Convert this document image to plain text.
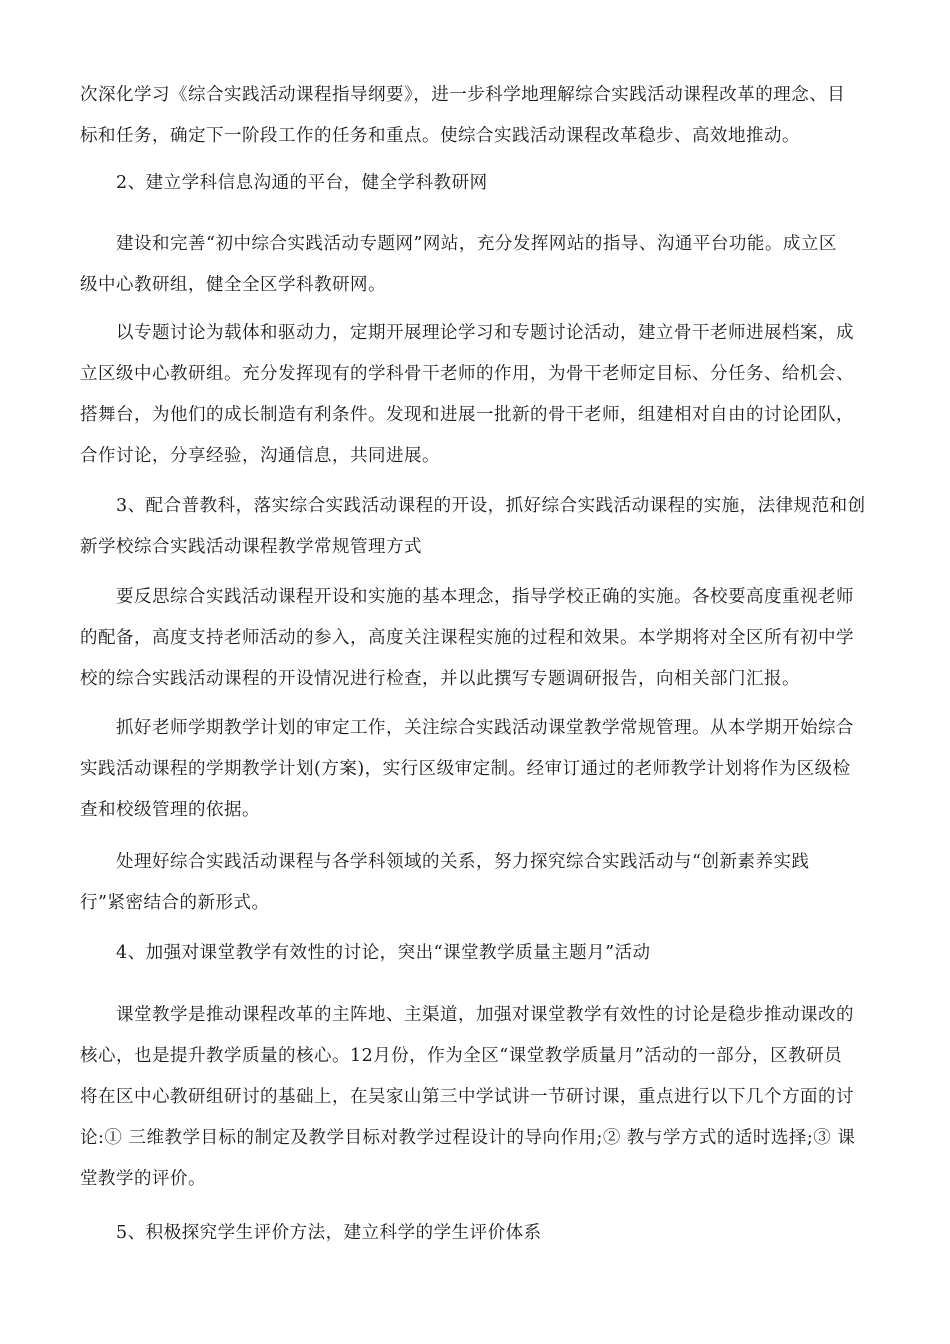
次深化学习《综合实践活动课程指导纲要》，进一步科学地理解综合实践活动课程改革的理念、目
标和任务，确定下一阶段工作的任务和重点。使综合实践活动课程改革稳步、高效地推动。

2、建立学科信息沟通的平台，健全学科教研网

建设和完善“初中综合实践活动专题网”网站，充分发挥网站的指导、沟通平台功能。成立区
级中心教研组，健全全区学科教研网。

以专题讨论为载体和驱动力，定期开展理论学习和专题讨论活动，建立骨干老师进展档案，成
立区级中心教研组。充分发挥现有的学科骨干老师的作用，为骨干老师定目标、分任务、给机会、
搭舞台，为他们的成长制造有利条件。发现和进展一批新的骨干老师，组建相对自由的讨论团队，
合作讨论，分享经验，沟通信息，共同进展。

3、配合普教科，落实综合实践活动课程的开设，抓好综合实践活动课程的实施，法律规范和创
新学校综合实践活动课程教学常规管理方式

要反思综合实践活动课程开设和实施的基本理念，指导学校正确的实施。各校要高度重视老师
的配备，高度支持老师活动的参入，高度关注课程实施的过程和效果。本学期将对全区所有初中学
校的综合实践活动课程的开设情况进行检查，并以此撰写专题调研报告，向相关部门汇报。

抓好老师学期教学计划的审定工作，关注综合实践活动课堂教学常规管理。从本学期开始综合
实践活动课程的学期教学计划(方案)，实行区级审定制。经审订通过的老师教学计划将作为区级检
查和校级管理的依据。

处理好综合实践活动课程与各学科领域的关系，努力探究综合实践活动与“创新素养实践
行”紧密结合的新形式。

4、加强对课堂教学有效性的讨论，突出“课堂教学质量主题月”活动

课堂教学是推动课程改革的主阵地、主渠道，加强对课堂教学有效性的讨论是稳步推动课改的
核心，也是提升教学质量的核心。12月份，作为全区“课堂教学质量月”活动的一部分，区教研员
将在区中心教研组研讨的基础上，在吴家山第三中学试讲一节研讨课，重点进行以下几个方面的讨
论:① 三维教学目标的制定及教学目标对教学过程设计的导向作用;② 教与学方式的适时选择;③ 课
堂教学的评价。

5、积极探究学生评价方法，建立科学的学生评价体系
